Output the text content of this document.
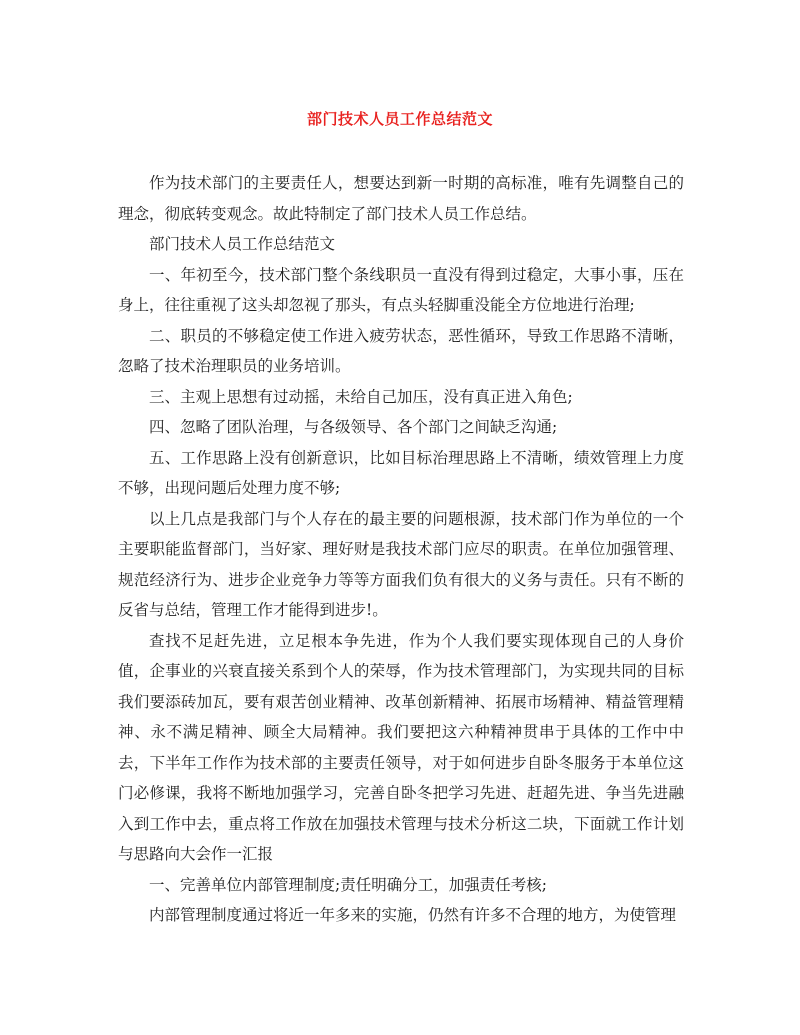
部门技术人员工作总结范文

作为技术部门的主要责任人，想要达到新一时期的高标准，唯有先调整自己的理念，彻底转变观念。故此特制定了部门技术人员工作总结。

部门技术人员工作总结范文

一、年初至今，技术部门整个条线职员一直没有得到过稳定，大事小事，压在身上，往往重视了这头却忽视了那头，有点头轻脚重没能全方位地进行治理;

二、职员的不够稳定使工作进入疲劳状态，恶性循环，导致工作思路不清晰，忽略了技术治理职员的业务培训。

三、主观上思想有过动摇，未给自己加压，没有真正进入角色;

四、忽略了团队治理，与各级领导、各个部门之间缺乏沟通;

五、工作思路上没有创新意识，比如目标治理思路上不清晰，绩效管理上力度不够，出现问题后处理力度不够;

以上几点是我部门与个人存在的最主要的问题根源，技术部门作为单位的一个主要职能监督部门，当好家、理好财是我技术部门应尽的职责。在单位加强管理、规范经济行为、进步企业竞争力等等方面我们负有很大的义务与责任。只有不断的反省与总结，管理工作才能得到进步!。

查找不足赶先进，立足根本争先进，作为个人我们要实现体现自己的人身价值，企事业的兴衰直接关系到个人的荣辱，作为技术管理部门，为实现共同的目标我们要添砖加瓦，要有艰苦创业精神、改革创新精神、拓展市场精神、精益管理精神、永不满足精神、顾全大局精神。我们要把这六种精神贯串于具体的工作中中去，下半年工作作为技术部的主要责任领导，对于如何进步自卧冬服务于本单位这门必修课，我将不断地加强学习，完善自卧冬把学习先进、赶超先进、争当先进融入到工作中去，重点将工作放在加强技术管理与技术分析这二块，下面就工作计划与思路向大会作一汇报

一、完善单位内部管理制度;责任明确分工，加强责任考核;

内部管理制度通过将近一年多来的实施，仍然有许多不合理的地方，为使管理
